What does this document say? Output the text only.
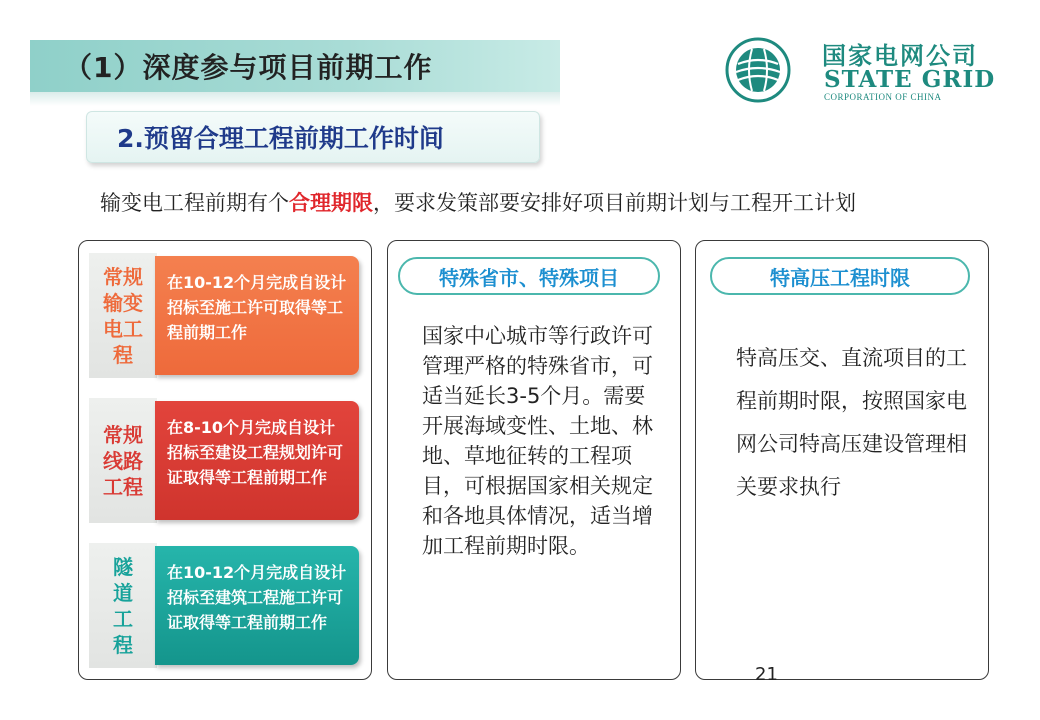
（1）深度参与项目前期工作	国家电网公司
STATE GRID
CORPORATION OF CHINA
2.预留合理工程前期工作时间
输变电工程前期有个合理期限，要求发策部要安排好项目前期计划与工程开工计划
常规
输变
电工
程
在10-12个月完成自设计招标至施工许可取得等工程前期工作
常规
线路
工程
在8-10个月完成自设计招标至建设工程规划许可证取得等工程前期工作
隧
道
工
程
在10-12个月完成自设计招标至建筑工程施工许可证取得等工程前期工作
特殊省市、特殊项目
国家中心城市等行政许可管理严格的特殊省市，可适当延长3-5个月。需要开展海域变性、土地、林地、草地征转的工程项目，可根据国家相关规定和各地具体情况，适当增加工程前期时限。
特高压工程时限
特高压交、直流项目的工程前期时限，按照国家电网公司特高压建设管理相关要求执行
21
